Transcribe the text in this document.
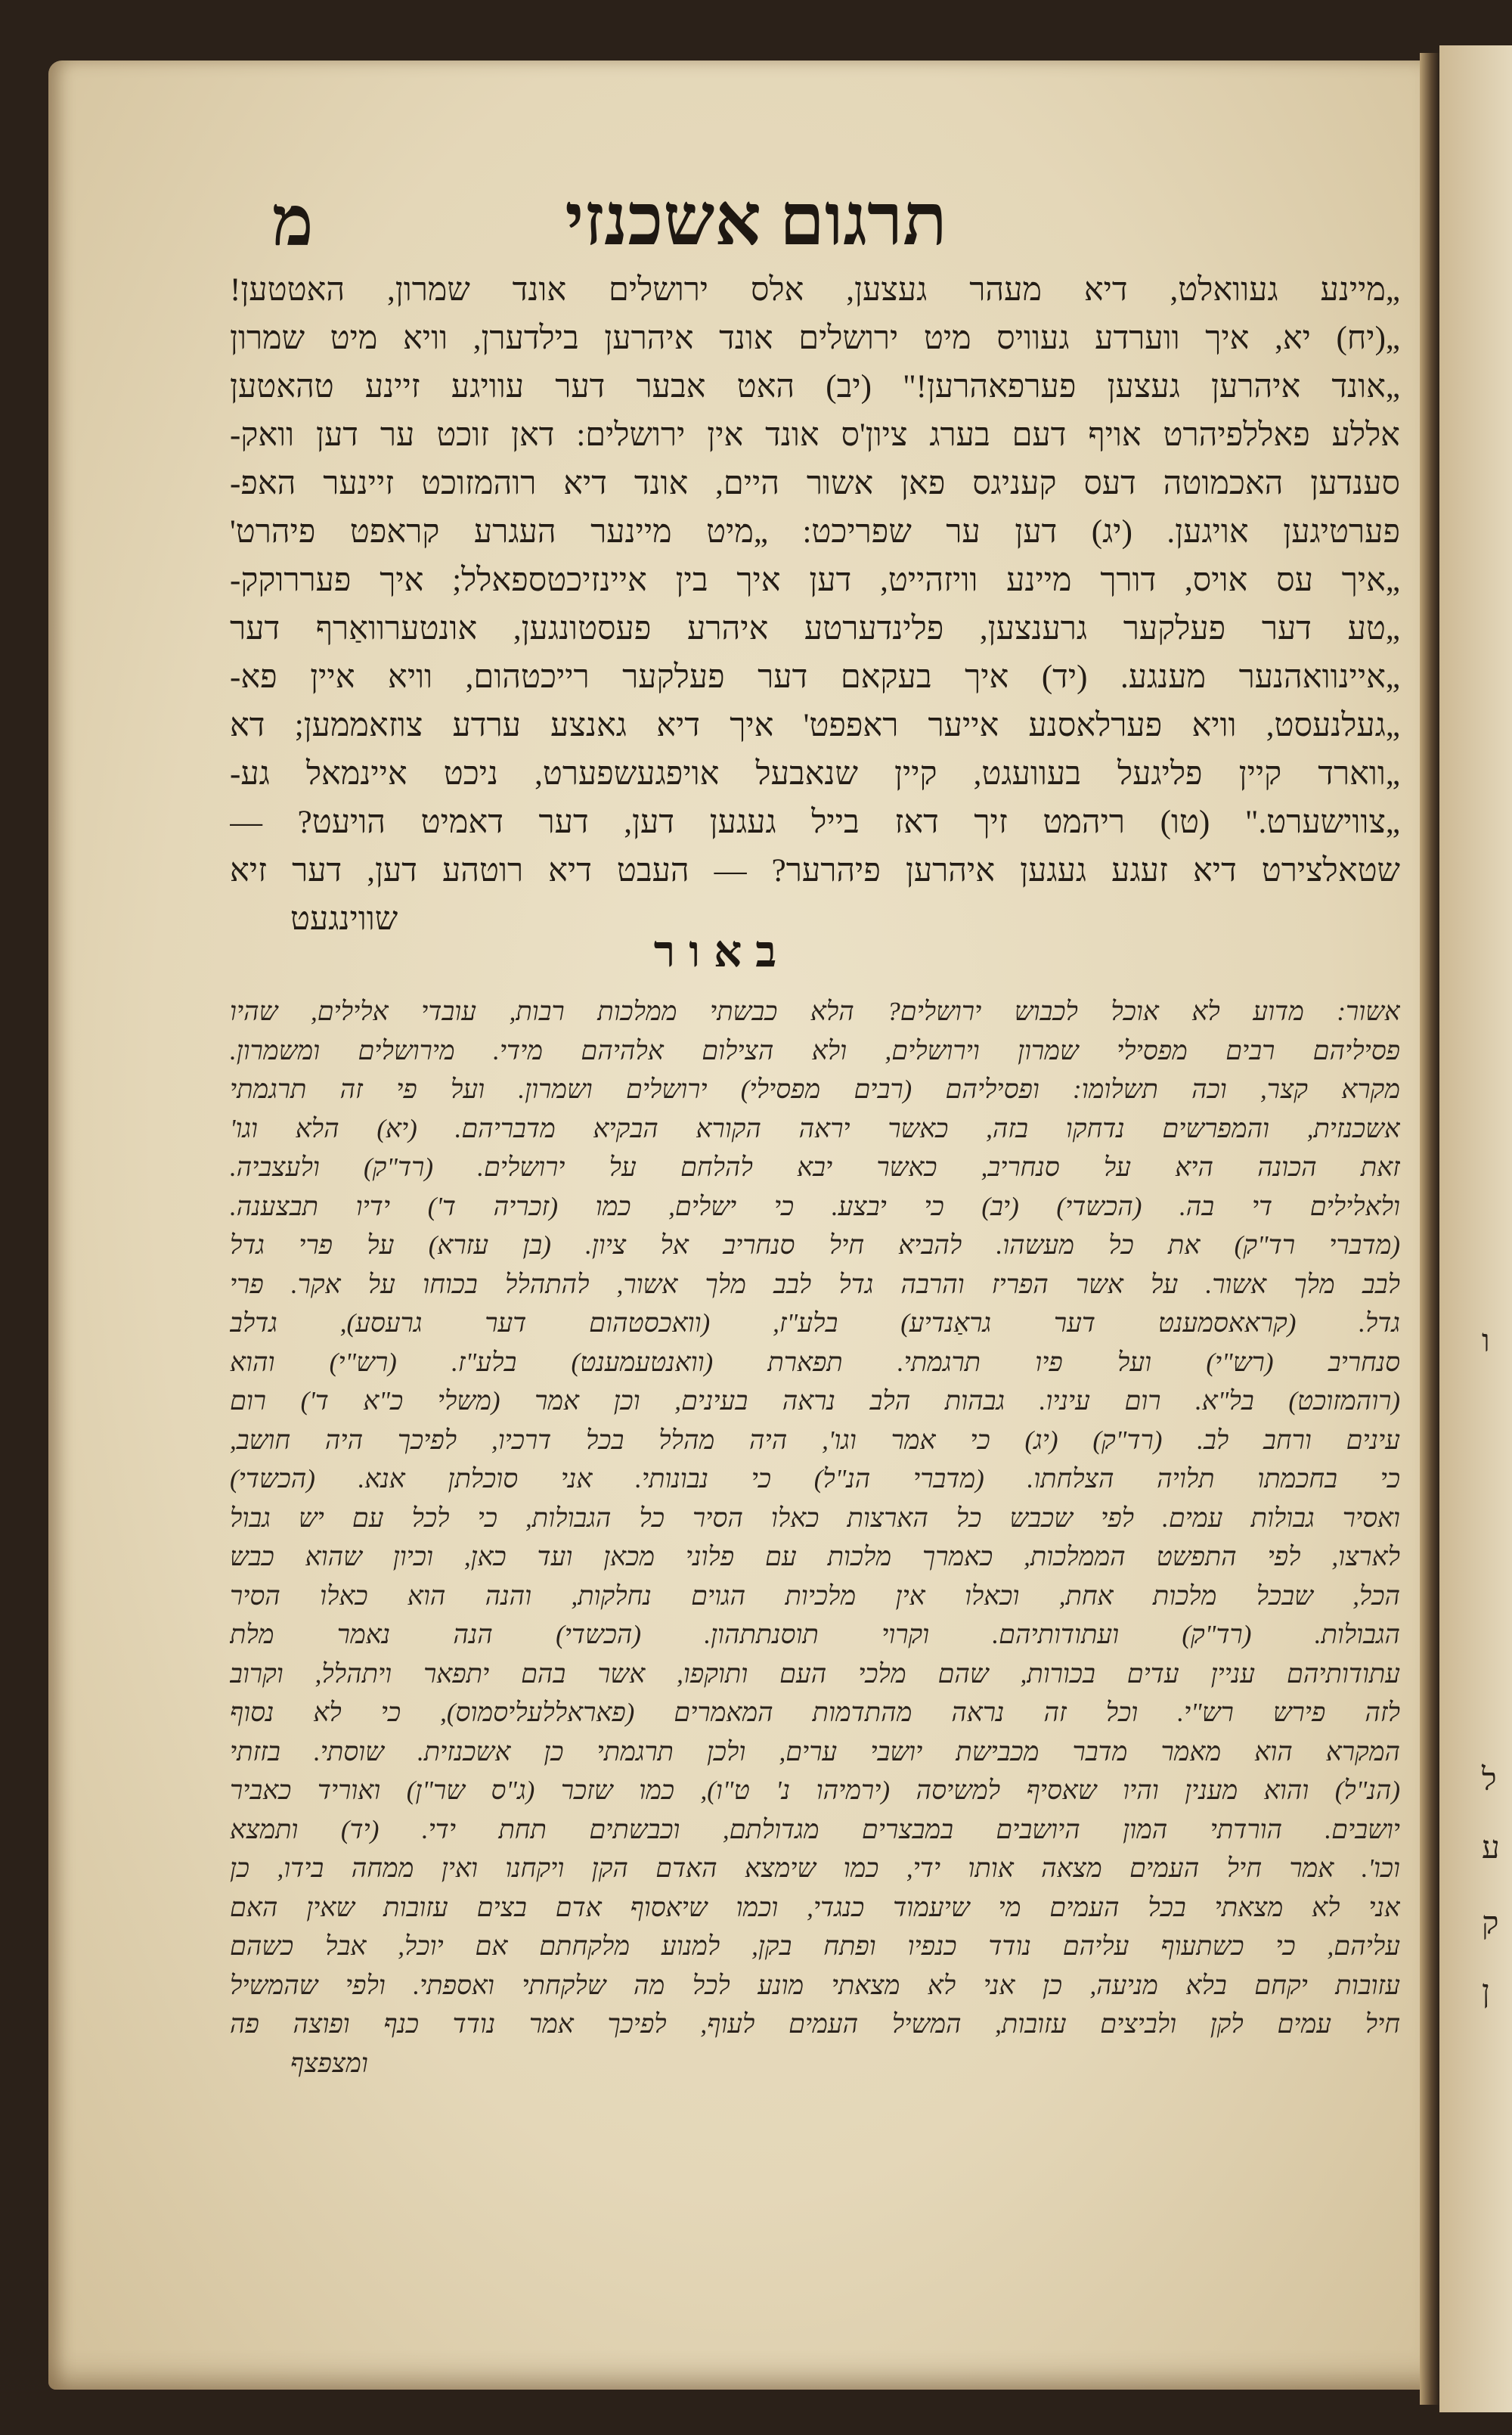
ו
ל
ע
ק
ן
תרגום אשכנזי
מ
„מיינע געוואלט, דיא מעהר געצען, אלס ירושלים אונד שמרון, האטטען!
„(יח) יא, איך ווערדע געוויס מיט ירושלים אונד איהרען בילדערן, וויא מיט שמרון
„אונד איהרען געצען פערפאהרען!" (יב) האט אבער דער עוויגע זיינע טהאטען
אללע פאללפיהרט אויף דעם בערג ציון'ס אונד אין ירושלים: דאן זוכט ער דען וואק-
סענדען האכמוטה דעס קעניגס פאן אשור היים, אונד דיא רוהמזוכט זיינער האפ-
פערטיגען אויגען. (יג) דען ער שפריכט: „מיט מיינער העגרע קראפט פיהרט'
„איך עס אויס, דורך מיינע וויזהייט, דען איך בין איינזיכטספאלל; איך פעררוקק-
„טע דער פעלקער גרענצען, פלינדערטע איהרע פעסטונגען, אונטערוואַרף דער
„איינוואהנער מענגע. (יד) איך בעקאם דער פעלקער רייכטהום, וויא איין פא-
„געלנעסט, וויא פערלאסנע אייער ראפפט' איך דיא גאנצע ערדע צוזאממען; דא
„ווארד קיין פליגעל בעוועגט, קיין שנאבעל אויפגעשפערט, ניכט איינמאל גע-
„צווישערט." (טו) ריהמט זיך דאז בייל געגען דען, דער דאמיט הויעט? —
שטאלצירט דיא זעגע געגען איהרען פיהרער? — העבט דיא רוטהע דען, דער זיא
שווינגעט
באור
אשור: מדוע לא אוכל לכבוש ירושלים? הלא כבשתי ממלכות רבות, עובדי אלילים, שהיו
פסיליהם רבים מפסילי שמרון וירושלים, ולא הצילום אלהיהם מידי. מירושלים ומשמרון.
מקרא קצר, וכה תשלומו: ופסיליהם (רבים מפסילי) ירושלים ושמרון. ועל פי זה תרגמתי
אשכנזית, והמפרשים נדחקו בזה, כאשר יראה הקורא הבקיא מדבריהם. (יא) הלא וגו'
זאת הכונה היא על סנחריב, כאשר יבא להלחם על ירושלים. (רד"ק) ולעצביה.
ולאלילים די בה. (הכשדי) (יב) כי יבצע. כי ישלים, כמו (זכריה ד') ידיו תבצענה.
(מדברי רד"ק) את כל מעשהו. להביא חיל סנחריב אל ציון. (בן עזרא) על פרי גדל
לבב מלך אשור. על אשר הפריז והרבה גדל לבב מלך אשור, להתהלל בכוחו על אקר. פרי
גדל. (קראאסמענט דער גראַנדיע) בלע"ז, (וואכסטהום דער גרעסע), גדלב
סנחריב (רש"י) ועל פיו תרגמתי. תפארת (וואנטעמענט) בלע"ז. (רש"י) והוא
(רוהמזוכט) בל"א. רום עיניו. גבהות הלב נראה בעינים, וכן אמר (משלי כ"א ד') רום
עינים ורחב לב. (רד"ק) (יג) כי אמר וגו', היה מהלל בכל דרכיו, לפיכך היה חושב,
כי בחכמתו תלויה הצלחתו. (מדברי הנ"ל) כי נבונותי. אני סוכלתן אנא. (הכשדי)
ואסיר גבולות עמים. לפי שכבש כל הארצות כאלו הסיר כל הגבולות, כי לכל עם יש גבול
לארצו, לפי התפשט הממלכות, כאמרך מלכות עם פלוני מכאן ועד כאן, וכיון שהוא כבש
הכל, שבכל מלכות אחת, וכאלו אין מלכיות הגוים נחלקות, והנה הוא כאלו הסיר
הגבולות. (רד"ק) ועתודותיהם. וקרוי תוסנתתהון. (הכשדי) הנה נאמר מלת
עתודותיהם עניין עדים בכורות, שהם מלכי העם ותוקפו, אשר בהם יתפאר ויתהלל, וקרוב
לזה פירש רש"י. וכל זה נראה מהתדמות המאמרים (פאראללעליסמוס), כי לא נסוף
המקרא הוא מאמר מדבר מכבישת יושבי ערים, ולכן תרגמתי כן אשכנזית. שוסתי. בזזתי
(הנ"ל) והוא מענין והיו שאסיף למשיסה (ירמיהו נ' ט"ו), כמו שזכר (ג"ס שר"ן) ואוריד כאביר
יושבים. הורדתי המון היושבים במבצרים מגדולתם, וכבשתים תחת ידי. (יד) ותמצא
וכו'. אמר חיל העמים מצאה אותו ידי, כמו שימצא האדם הקן ויקחנו ואין ממחה בידו, כן
אני לא מצאתי בכל העמים מי שיעמוד כנגדי, וכמו שיאסוף אדם בצים עזובות שאין האם
עליהם, כי כשתעוף עליהם נודד כנפיו ופתח בקן, למנוע מלקחתם אם יוכל, אבל כשהם
עזובות יקחם בלא מניעה, כן אני לא מצאתי מונע לכל מה שלקחתי ואספתי. ולפי שהמשיל
חיל עמים לקן ולביצים עזובות, המשיל העמים לעוף, לפיכך אמר נודד כנף ופוצה פה
ומצפצף
